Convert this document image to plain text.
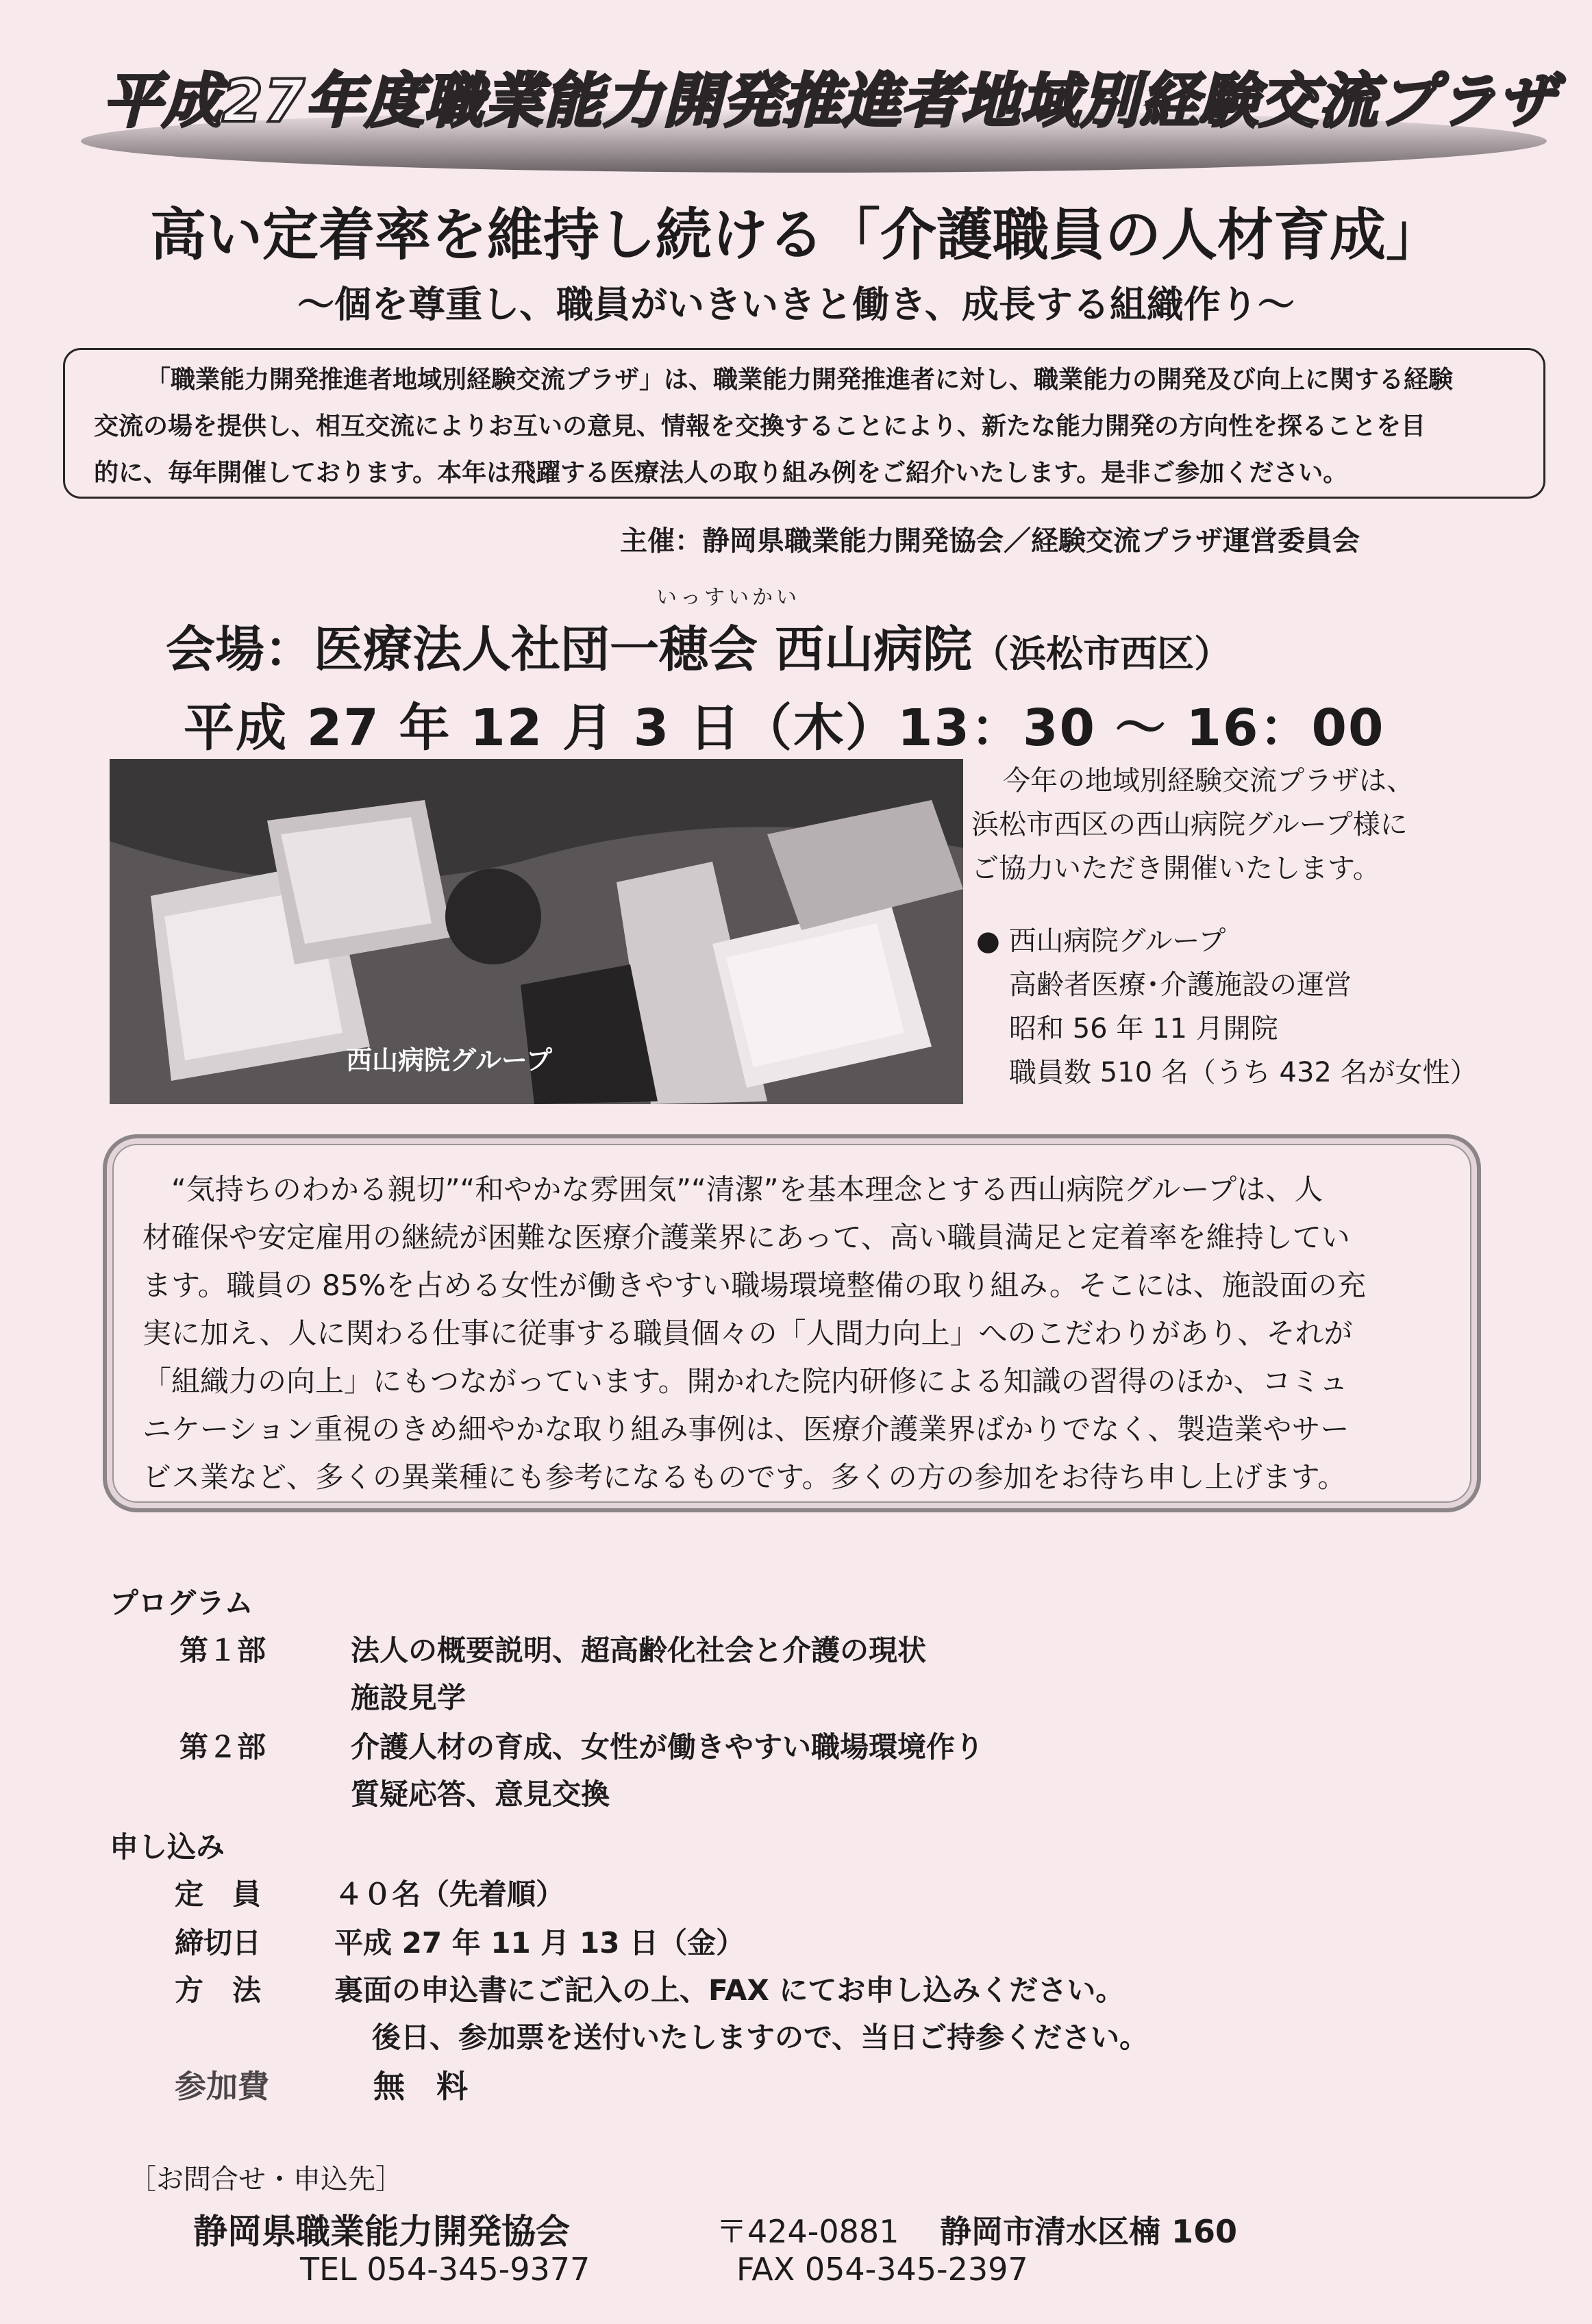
平成27年度職業能力開発推進者地域別経験交流プラザ
高い定着率を維持し続ける「介護職員の人材育成」
～個を尊重し、職員がいきいきと働き、成長する組織作り～

「職業能力開発推進者地域別経験交流プラザ」は、職業能力開発推進者に対し、職業能力の開発及び向上に関する経験

交流の場を提供し、相互交流によりお互いの意見、情報を交換することにより、新たな能力開発の方向性を探ることを目

的に、毎年開催しております。本年は飛躍する医療法人の取り組み例をご紹介いたします。是非ご参加ください。

主催：静岡県職業能力開発協会／経験交流プラザ運営委員会
いっすいかい
会場：医療法人社団一穂会 西山病院（浜松市西区）
平成 27 年 12 月 3 日（木）13：30 ～ 16：00
西山病院グループ
今年の地域別経験交流プラザは、
浜松市西区の西山病院グループ様に
ご協力いただき開催いたします。
● 西山病院グループ
高齢者医療･介護施設の運営
昭和 56 年 11 月開院
職員数 510 名（うち 432 名が女性）
“気持ちのわかる親切”“和やかな雰囲気”“清潔”を基本理念とする西山病院グループは、人
材確保や安定雇用の継続が困難な医療介護業界にあって、高い職員満足と定着率を維持してい
ます。職員の 85%を占める女性が働きやすい職場環境整備の取り組み。そこには、施設面の充
実に加え、人に関わる仕事に従事する職員個々の「人間力向上」へのこだわりがあり、それが
「組織力の向上」にもつながっています。開かれた院内研修による知識の習得のほか、コミュ
ニケーション重視のきめ細やかな取り組み事例は、医療介護業界ばかりでなく、製造業やサー
ビス業など、多くの異業種にも参考になるものです。多くの方の参加をお待ち申し上げます。
プログラム
第１部	法人の概要説明、超高齢化社会と介護の現状
施設見学
第２部	介護人材の育成、女性が働きやすい職場環境作り
質疑応答、意見交換
申し込み
定　員	４０名（先着順）
締切日	平成 27 年 11 月 13 日（金）
方　法	裏面の申込書にご記入の上、FAX にてお申し込みください。
後日、参加票を送付いたしますので、当日ご持参ください。
参加費	無　料
［お問合せ・申込先］
静岡県職業能力開発協会	〒424-0881 静岡市清水区楠 160
TEL 054-345-9377	FAX 054-345-2397
